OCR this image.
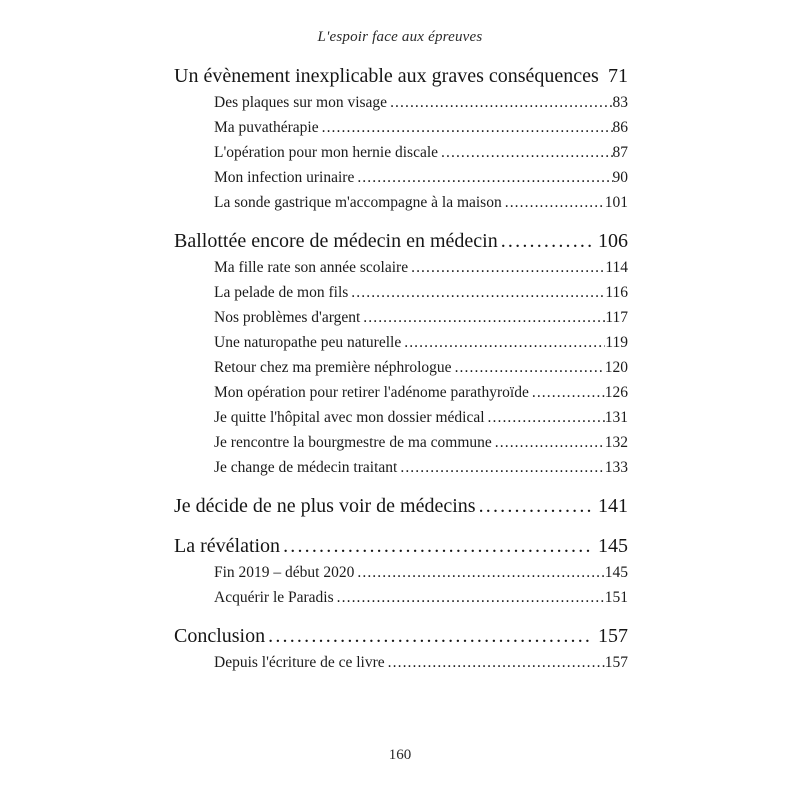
L'espoir face aux épreuves
Un évènement inexplicable aux graves conséquences 71
Des plaques sur mon visage .....	83
Ma puvathérapie .....	86
L'opération pour mon hernie discale .....	87
Mon infection urinaire .....	90
La sonde gastrique m'accompagne à la maison .....	101
Ballottée encore de médecin en médecin .....	106
Ma fille rate son année scolaire .....	114
La pelade de mon fils .....	116
Nos problèmes d'argent .....	117
Une naturopathe peu naturelle .....	119
Retour chez ma première néphrologue .....	120
Mon opération pour retirer l'adénome parathyroïde .....	126
Je quitte l'hôpital avec mon dossier médical .....	131
Je rencontre la bourgmestre de ma commune .....	132
Je change de médecin traitant .....	133
Je décide de ne plus voir de médecins .....	141
La révélation .....	145
Fin 2019 – début 2020 .....	145
Acquérir le Paradis .....	151
Conclusion .....	157
Depuis l'écriture de ce livre .....	157
160
